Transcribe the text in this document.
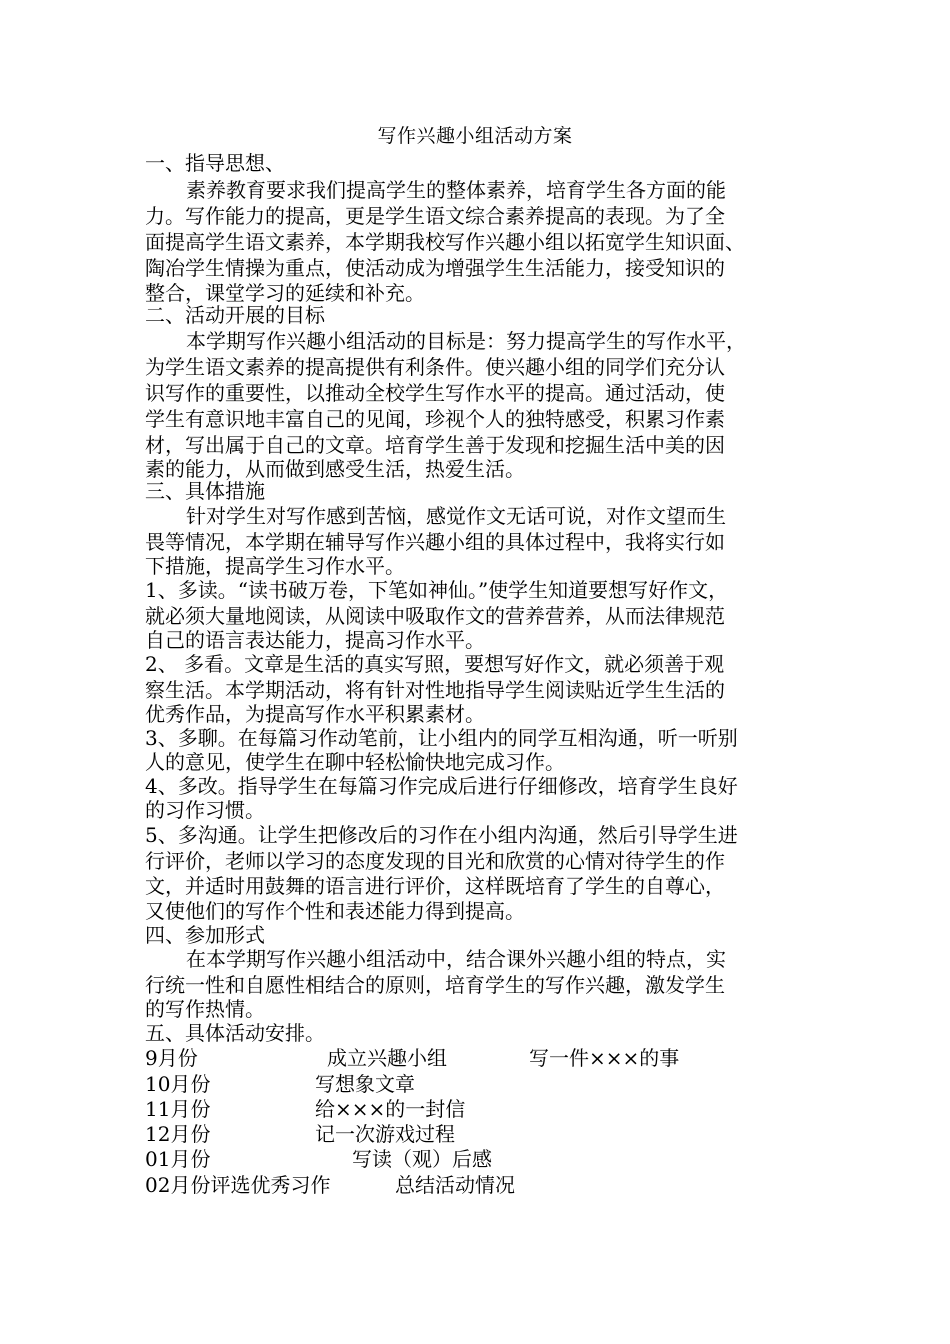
写作兴趣小组活动方案
一、指导思想、
素养教育要求我们提高学生的整体素养，培育学生各方面的能
力。写作能力的提高，更是学生语文综合素养提高的表现。为了全
面提高学生语文素养，本学期我校写作兴趣小组以拓宽学生知识面、
陶冶学生情操为重点，使活动成为增强学生生活能力，接受知识的
整合，课堂学习的延续和补充。
二、活动开展的目标
本学期写作兴趣小组活动的目标是：努力提高学生的写作水平，
为学生语文素养的提高提供有利条件。使兴趣小组的同学们充分认
识写作的重要性，以推动全校学生写作水平的提高。通过活动，使
学生有意识地丰富自己的见闻，珍视个人的独特感受，积累习作素
材，写出属于自己的文章。培育学生善于发现和挖掘生活中美的因
素的能力，从而做到感受生活，热爱生活。
三、具体措施
针对学生对写作感到苦恼，感觉作文无话可说，对作文望而生
畏等情况，本学期在辅导写作兴趣小组的具体过程中，我将实行如
下措施，提高学生习作水平。
1、多读。“读书破万卷，下笔如神仙。”使学生知道要想写好作文，
就必须大量地阅读，从阅读中吸取作文的营养营养，从而法律规范
自己的语言表达能力，提高习作水平。
2、 多看。文章是生活的真实写照，要想写好作文，就必须善于观
察生活。本学期活动，将有针对性地指导学生阅读贴近学生生活的
优秀作品，为提高写作水平积累素材。
3、多聊。在每篇习作动笔前，让小组内的同学互相沟通，听一听别
人的意见，使学生在聊中轻松愉快地完成习作。
4、多改。指导学生在每篇习作完成后进行仔细修改，培育学生良好
的习作习惯。
5、多沟通。让学生把修改后的习作在小组内沟通，然后引导学生进
行评价，老师以学习的态度发现的目光和欣赏的心情对待学生的作
文，并适时用鼓舞的语言进行评价，这样既培育了学生的自尊心，
又使他们的写作个性和表述能力得到提高。
四、参加形式
在本学期写作兴趣小组活动中，结合课外兴趣小组的特点，实
行统一性和自愿性相结合的原则，培育学生的写作兴趣，激发学生
的写作热情。
五、具体活动安排。
9月份	成立兴趣小组	写一件×××的事
10月份	写想象文章
11月份	给×××的一封信
12月份	记一次游戏过程
01月份	写读（观）后感
02月份评选优秀习作	总结活动情况
